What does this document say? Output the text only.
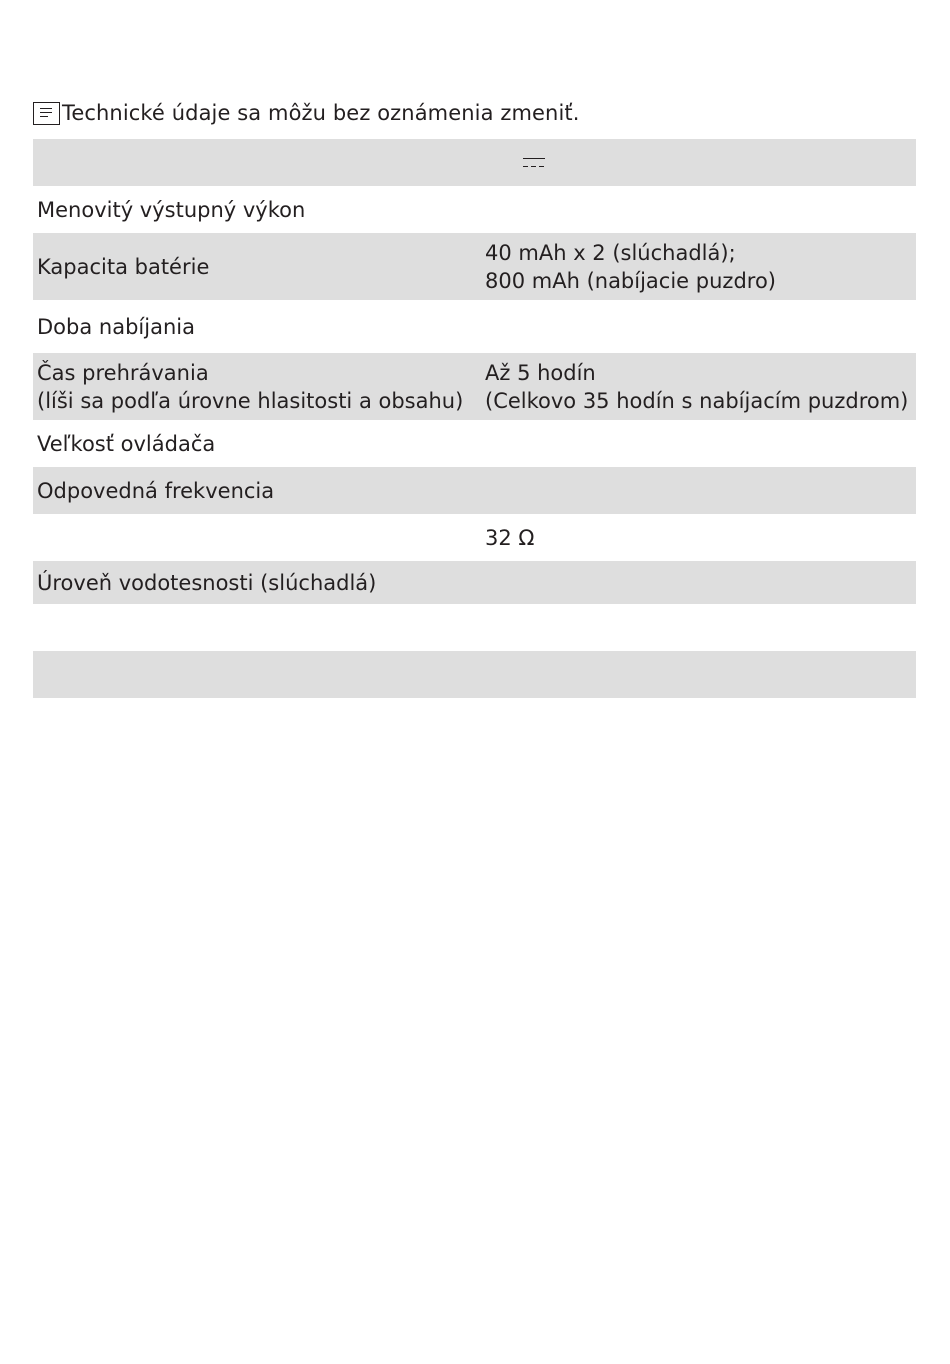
Technické údaje sa môžu bez oznámenia zmeniť.
Menovitý výstupný výkon
Kapacita batérie
40 mAh x 2 (slúchadlá);
800 mAh (nabíjacie puzdro)
Doba nabíjania
Čas prehrávania
(líši sa podľa úrovne hlasitosti a obsahu)
Až 5 hodín
(Celkovo 35 hodín s nabíjacím puzdrom)
Veľkosť ovládača
Odpovedná frekvencia
32 Ω
Úroveň vodotesnosti (slúchadlá)
